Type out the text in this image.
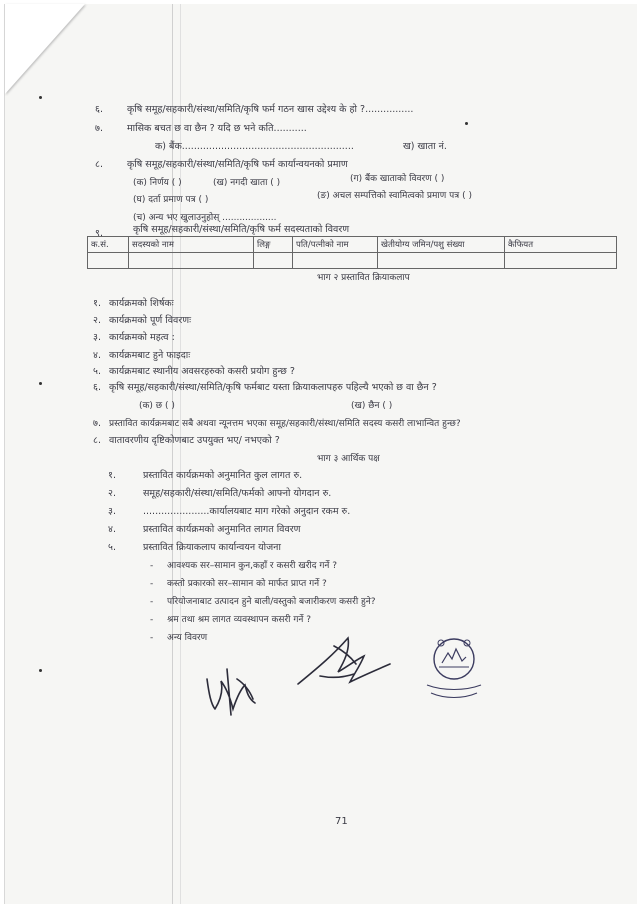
६.	कृषि समूह/सहकारी/संस्था/समिति/कृषि फर्म गठन खास उद्देश्य के हो ?................
७.	मासिक बचत छ वा छैन ? यदि छ भने कति...........
क) बैंक.........................................................	ख) खाता नं.
८.	कृषि समूह/सहकारी/संस्था/समिति/कृषि फर्म कार्यान्वयनको प्रमाण
(क) निर्णय ( )	(ख) नगदी खाता ( )	(ग) बैंक खाताको विवरण ( )
(घ) दर्ता प्रमाण पत्र ( )	(ङ) अचल सम्पत्तिको स्वामित्वको प्रमाण पत्र ( )
(च) अन्य भए खुलाउनुहोस् ...................
९.	कृषि समूह/सहकारी/संस्था/समिति/कृषि फर्म सदस्यताको विवरण
क.सं.	सदस्यको नाम	लिङ्ग	पति/पत्नीको नाम	खेतीयोग्य जमिन/पशु संख्या	कैफियत

भाग २ प्रस्तावित क्रियाकलाप
१. कार्यक्रमको शिर्षकः
२. कार्यक्रमको पूर्ण विवरणः
३. कार्यक्रमको महत्व :
४. कार्यक्रमबाट हुने फाइदाः
५. कार्यक्रमबाट स्थानीय अवसरहरुको कसरी प्रयोग हुन्छ ?
६. कृषि समूह/सहकारी/संस्था/समिति/कृषि फर्मबाट यस्ता क्रियाकलापहरु पहिल्यै भएको छ वा छैन ?
(क) छ ( )	(ख) छैन ( )
७. प्रस्तावित कार्यक्रमबाट सबै अथवा न्यूनत्तम भएका समूह/सहकारी/संस्था/समिति सदस्य कसरी लाभान्वित हुन्छ?
८. वातावरणीय दृष्टिकोणबाट उपयुक्त भए/ नभएको ?
भाग ३ आर्थिक पक्ष
१.	प्रस्तावित कार्यक्रमको अनुमानित कुल लागत रु.
२.	समूह/सहकारी/संस्था/समिति/फर्मको आफ्नो योगदान रु.
३.	......................कार्यालयबाट माग गरेको अनुदान रकम रु.
४.	प्रस्तावित कार्यक्रमको अनुमानित लागत विवरण
५.	प्रस्तावित क्रियाकलाप कार्यान्वयन योजना
- आवश्यक सर–सामान कुन,कहाँ र कसरी खरीद गर्ने ?
- कस्तो प्रकारको सर–सामान को मार्फत प्राप्त गर्ने ?
- परियोजनाबाट उत्पादन हुने बाली/वस्तुको बजारीकरण कसरी हुने?
- श्रम तथा श्रम लागत व्यवस्थापन कसरी गर्ने ?
- अन्य विवरण
71
